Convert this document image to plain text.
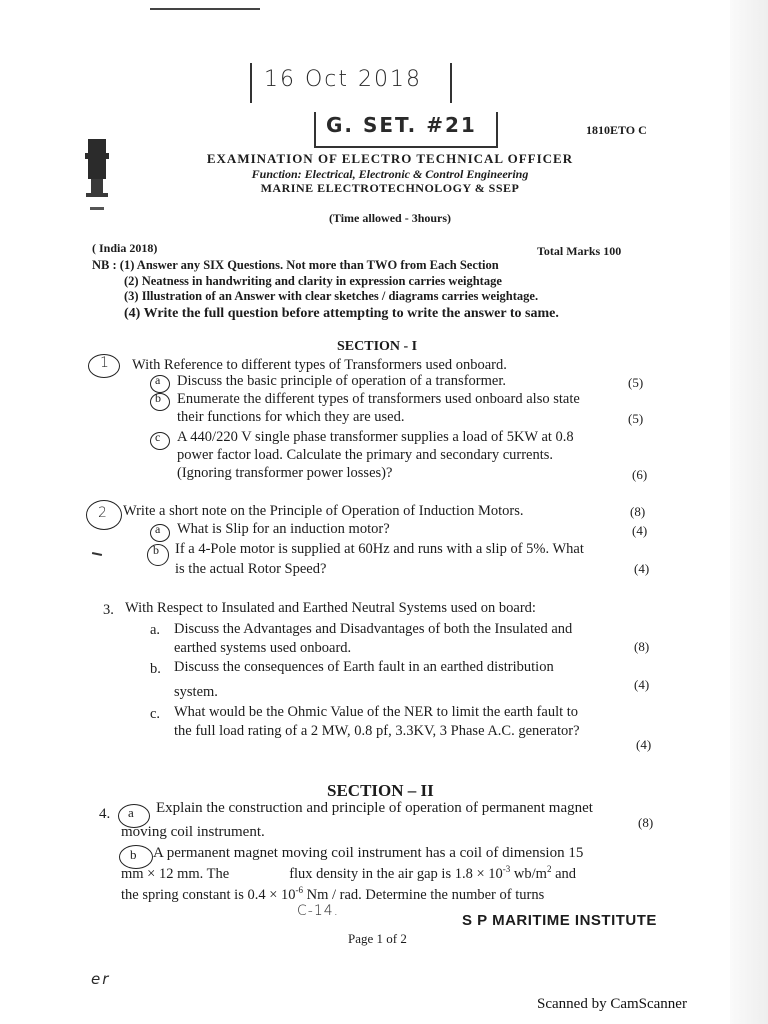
16 Oct 2018
G. SET. #21	1810ETO C
EXAMINATION OF ELECTRO TECHNICAL OFFICER
Function: Electrical, Electronic & Control Engineering
MARINE ELECTROTECHNOLOGY & SSEP
(Time allowed - 3hours)
( India 2018)	Total Marks 100
NB : (1) Answer any SIX Questions. Not more than TWO from Each Section
(2) Neatness in handwriting and clarity in expression carries weightage
(3) Illustration of an Answer with clear sketches / diagrams carries weightage.
(4) Write the full question before attempting to write the answer to same.
SECTION - I
1 With Reference to different types of Transformers used onboard.
a Discuss the basic principle of operation of a transformer.	(5)
b Enumerate the different types of transformers used onboard also state
their functions for which they are used.	(5)
c A 440/220 V single phase transformer supplies a load of 5KW at 0.8
power factor load. Calculate the primary and secondary currents.
(Ignoring transformer power losses)?	(6)
2 Write a short note on the Principle of Operation of Induction Motors.	(8)
a What is Slip for an induction motor?	(4)
b If a 4-Pole motor is supplied at 60Hz and runs with a slip of 5%. What
is the actual Rotor Speed?	(4)
3. With Respect to Insulated and Earthed Neutral Systems used on board:
a. Discuss the Advantages and Disadvantages of both the Insulated and
earthed systems used onboard.	(8)
b. Discuss the consequences of Earth fault in an earthed distribution
system.	(4)
c. What would be the Ohmic Value of the NER to limit the earth fault to
the full load rating of a 2 MW, 0.8 pf, 3.3KV, 3 Phase A.C. generator?
(4)
SECTION – II
4. a Explain the construction and principle of operation of permanent magnet
moving coil instrument.
(8)
b A permanent magnet moving coil instrument has a coil of dimension 15
mm × 12 mm. The	flux density in the air gap is $1.8 \times 10^{-3}$ $wb/m^2$ and
the spring constant is $0.4 \times 10^{-6}$ Nm / rad. Determine the number of turns
C-14.
S P MARITIME INSTITUTE
Page 1 of 2
er
Scanned by CamScanner
